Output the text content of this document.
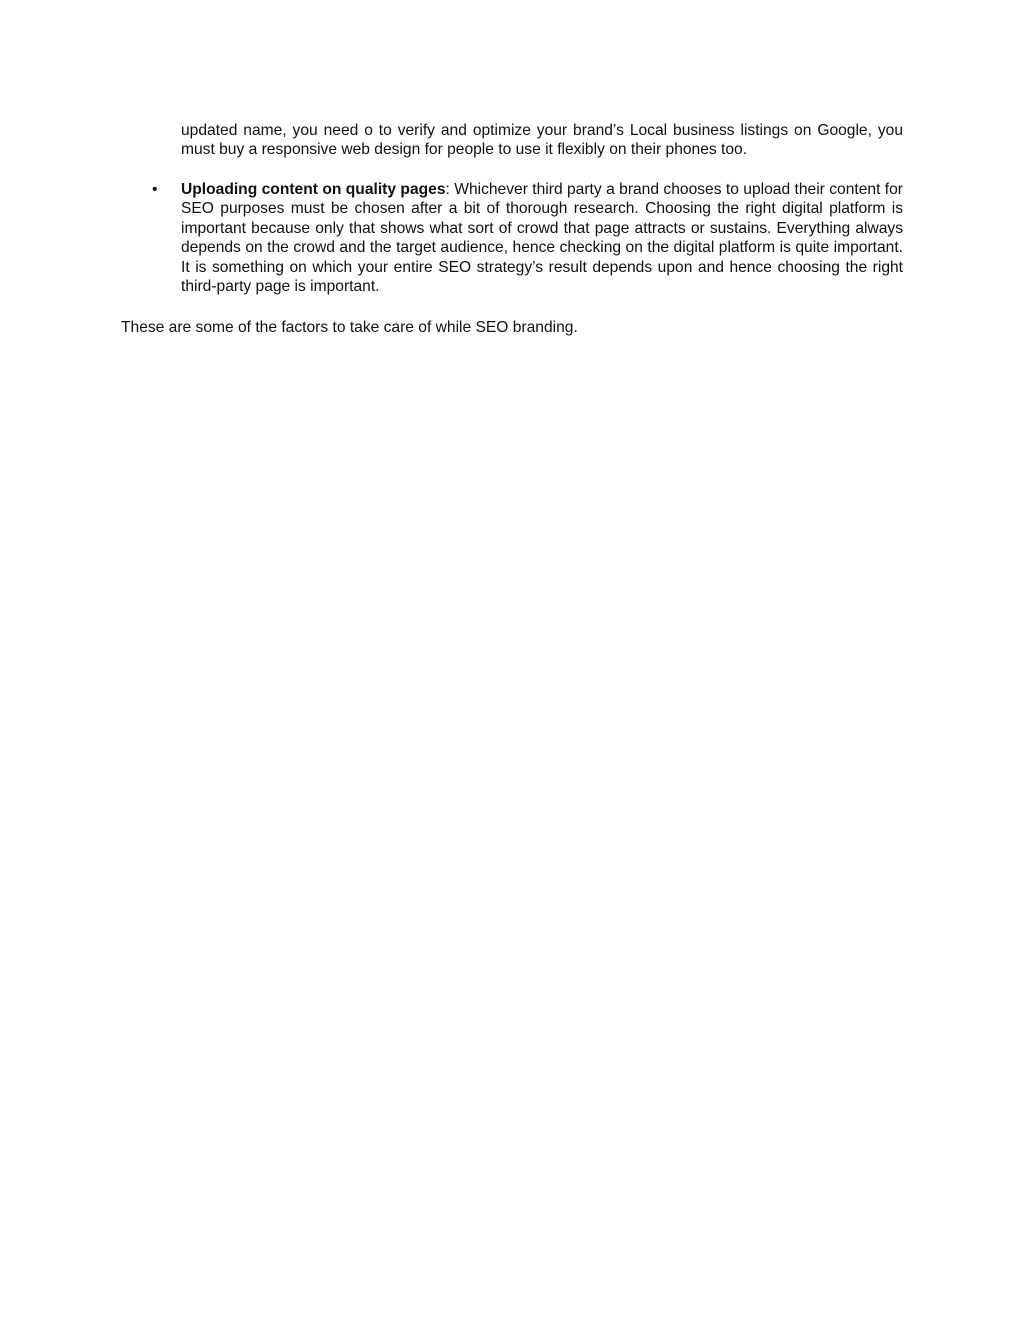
updated name, you need o to verify and optimize your brand’s Local business listings on Google, you must buy a responsive web design for people to use it flexibly on their phones too.

• Uploading content on quality pages: Whichever third party a brand chooses to upload their content for SEO purposes must be chosen after a bit of thorough research. Choosing the right digital platform is important because only that shows what sort of crowd that page attracts or sustains. Everything always depends on the crowd and the target audience, hence checking on the digital platform is quite important. It is something on which your entire SEO strategy’s result depends upon and hence choosing the right third-party page is important.

These are some of the factors to take care of while SEO branding.
